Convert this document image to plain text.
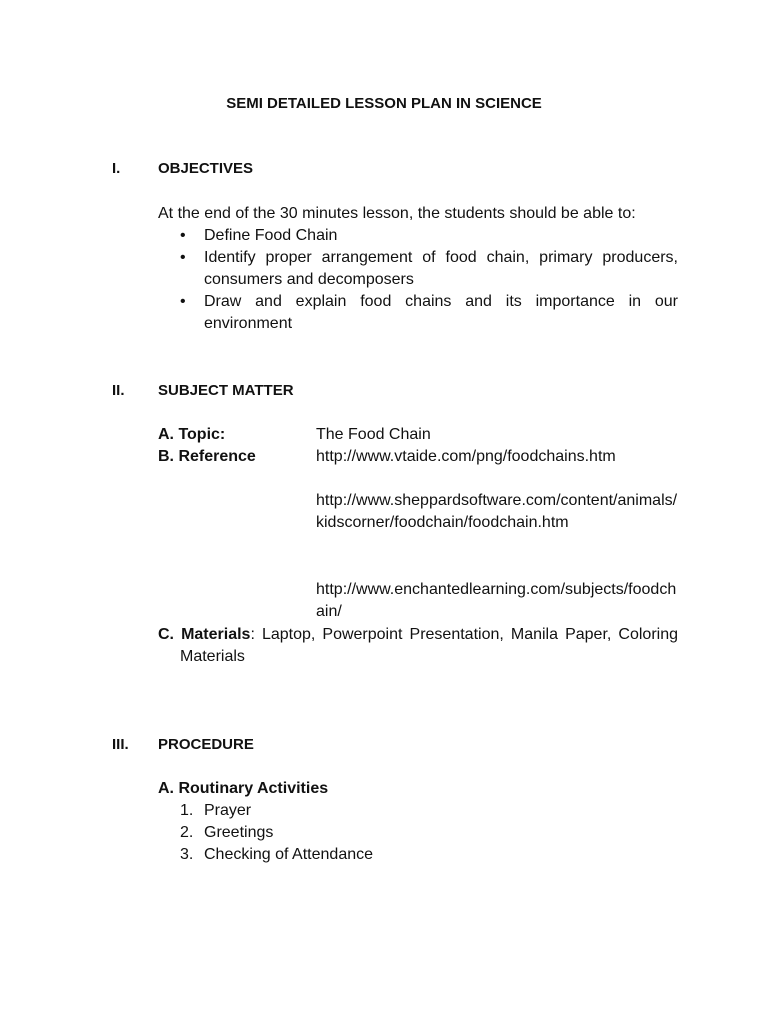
SEMI DETAILED LESSON PLAN IN SCIENCE
I.	OBJECTIVES
At the end of the 30 minutes lesson, the students should be able to:
• Define Food Chain
• Identify proper arrangement of food chain, primary producers, consumers and decomposers
• Draw and explain food chains and its importance in our environment
II. SUBJECT MATTER
A. Topic:	The Food Chain
B. Reference	http://www.vtaide.com/png/foodchains.htm
http://www.sheppardsoftware.com/content/animals/kidscorner/foodchain/foodchain.htm
http://www.enchantedlearning.com/subjects/foodchain/
C. Materials: Laptop, Powerpoint Presentation, Manila Paper, Coloring Materials
III. PROCEDURE
A. Routinary Activities
1. Prayer
2. Greetings
3. Checking of Attendance
